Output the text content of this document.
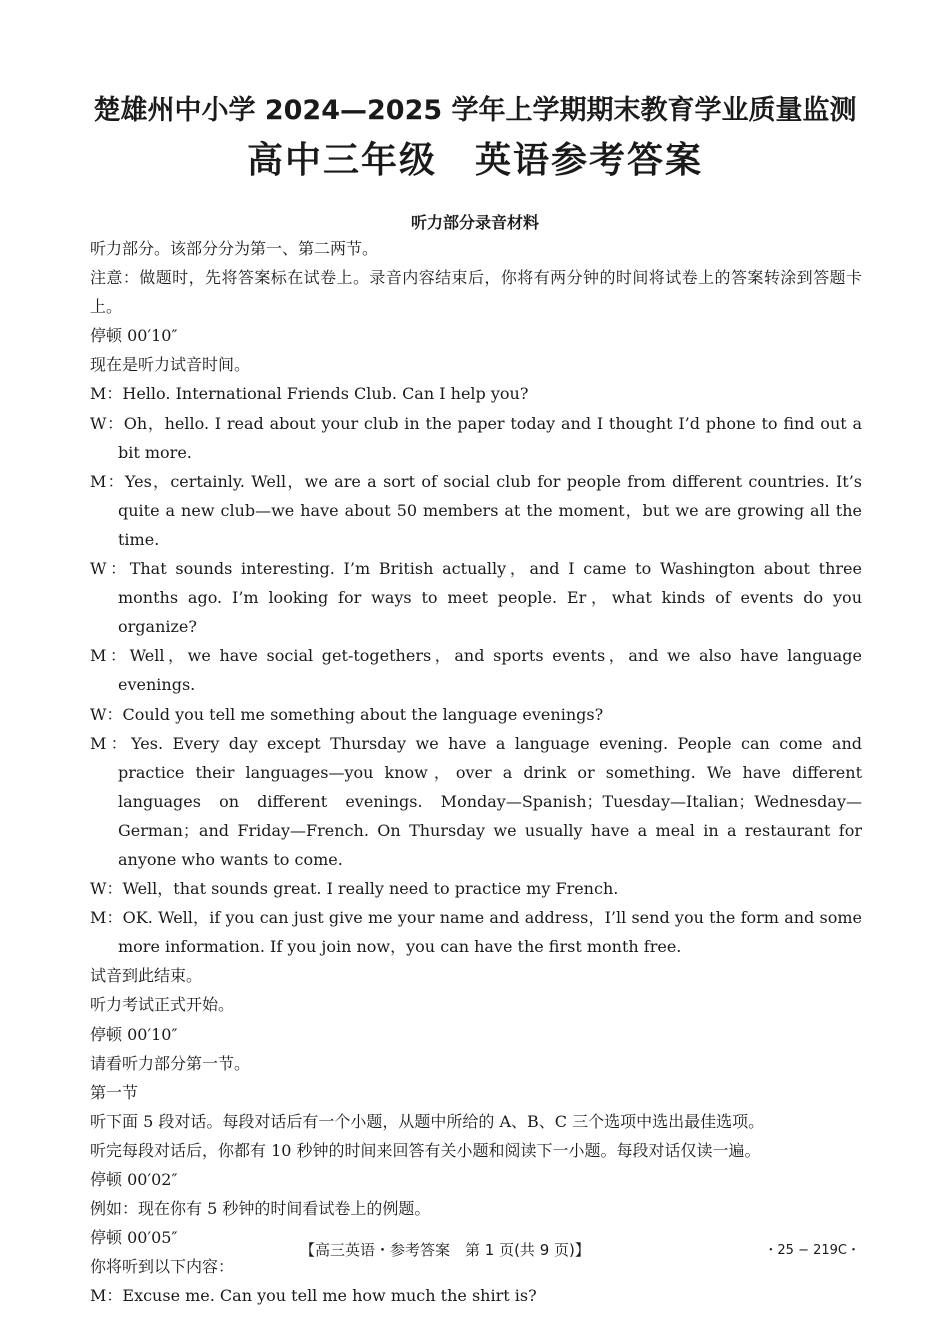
楚雄州中小学 2024—2025 学年上学期期末教育学业质量监测
高中三年级　英语参考答案
听力部分录音材料
听力部分。该部分分为第一、第二两节。
注意：做题时，先将答案标在试卷上。录音内容结束后，你将有两分钟的时间将试卷上的答案转涂到答题卡上。
停顿 00′10″
现在是听力试音时间。
M：Hello. International Friends Club. Can I help you?
W：Oh，hello. I read about your club in the paper today and I thought I’d phone to find out a bit more.
M：Yes，certainly. Well，we are a sort of social club for people from different countries. It’s quite a new club—we have about 50 members at the moment，but we are growing all the time.
W：That sounds interesting. I’m British actually，and I came to Washington about three months ago. I’m looking for ways to meet people. Er，what kinds of events do you organize?
M：Well，we have social get-togethers，and sports events，and we also have language evenings.
W：Could you tell me something about the language evenings?
M：Yes. Every day except Thursday we have a language evening. People can come and practice their languages—you know，over a drink or something. We have different languages on different evenings. Monday—Spanish；Tuesday—Italian；Wednesday—German；and Friday—French. On Thursday we usually have a meal in a restaurant for anyone who wants to come.
W：Well，that sounds great. I really need to practice my French.
M：OK. Well，if you can just give me your name and address，I’ll send you the form and some more information. If you join now，you can have the first month free.
试音到此结束。
听力考试正式开始。
停顿 00′10″
请看听力部分第一节。
第一节
听下面 5 段对话。每段对话后有一个小题，从题中所给的 A、B、C 三个选项中选出最佳选项。
听完每段对话后，你都有 10 秒钟的时间来回答有关小题和阅读下一小题。每段对话仅读一遍。
停顿 00′02″
例如：现在你有 5 秒钟的时间看试卷上的例题。
停顿 00′05″
你将听到以下内容：
M：Excuse me. Can you tell me how much the shirt is?
【高三英语・参考答案　第 1 页(共 9 页)】	・25 − 219C・
